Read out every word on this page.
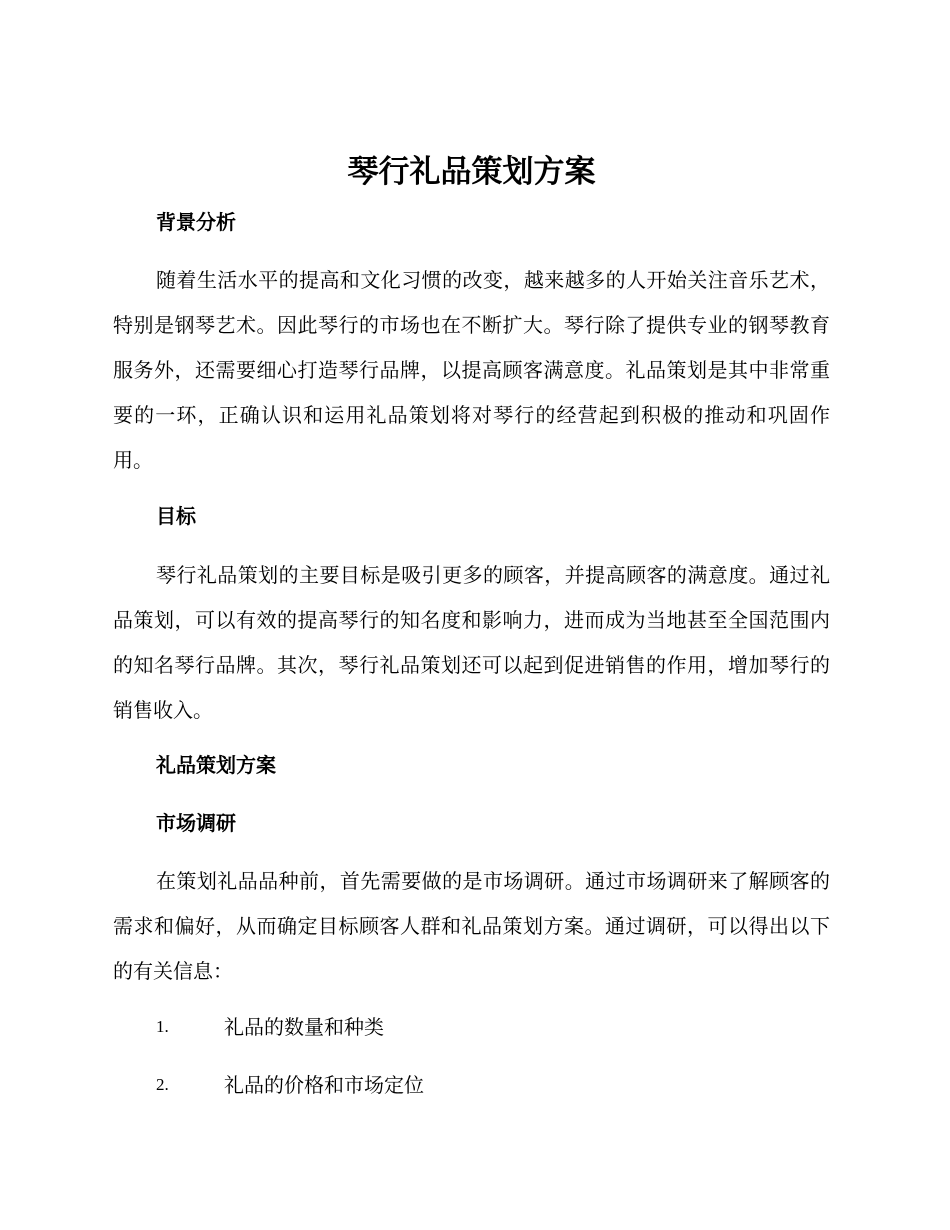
琴行礼品策划方案
背景分析

随着生活水平的提高和文化习惯的改变，越来越多的人开始关注音乐艺术，特别是钢琴艺术。因此琴行的市场也在不断扩大。琴行除了提供专业的钢琴教育服务外，还需要细心打造琴行品牌，以提高顾客满意度。礼品策划是其中非常重要的一环，正确认识和运用礼品策划将对琴行的经营起到积极的推动和巩固作用。

目标

琴行礼品策划的主要目标是吸引更多的顾客，并提高顾客的满意度。通过礼品策划，可以有效的提高琴行的知名度和影响力，进而成为当地甚至全国范围内的知名琴行品牌。其次，琴行礼品策划还可以起到促进销售的作用，增加琴行的销售收入。

礼品策划方案
市场调研

在策划礼品品种前，首先需要做的是市场调研。通过市场调研来了解顾客的需求和偏好，从而确定目标顾客人群和礼品策划方案。通过调研，可以得出以下的有关信息：

1.	礼品的数量和种类
2.	礼品的价格和市场定位
